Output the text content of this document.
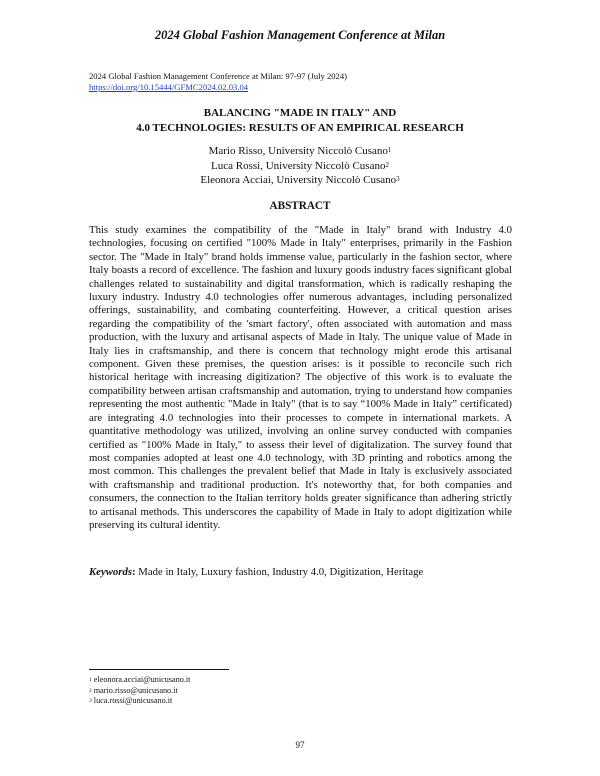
2024 Global Fashion Management Conference at Milan
2024 Global Fashion Management Conference at Milan: 97-97 (July 2024)
https://doi.org/10.15444/GFMC2024.02.03.04
BALANCING "MADE IN ITALY" AND
4.0 TECHNOLOGIES: RESULTS OF AN EMPIRICAL RESEARCH
Mario Risso, University Niccolò Cusano$^1$
Luca Rossi, University Niccolò Cusano$^2$
Eleonora Acciai, University Niccolò Cusano$^3$
ABSTRACT
This study examines the compatibility of the "Made in Italy" brand with Industry 4.0 technologies, focusing on certified "100% Made in Italy" enterprises, primarily in the Fashion sector. The "Made in Italy" brand holds immense value, particularly in the fashion sector, where Italy boasts a record of excellence. The fashion and luxury goods industry faces significant global challenges related to sustainability and digital transformation, which is radically reshaping the luxury industry. Industry 4.0 technologies offer numerous advantages, including personalized offerings, sustainability, and combating counterfeiting. However, a critical question arises regarding the compatibility of the 'smart factory', often associated with automation and mass production, with the luxury and artisanal aspects of Made in Italy. The unique value of Made in Italy lies in craftsmanship, and there is concern that technology might erode this artisanal component. Given these premises, the question arises: is it possible to reconcile such rich historical heritage with increasing digitization? The objective of this work is to evaluate the compatibility between artisan craftsmanship and automation, trying to understand how companies representing the most authentic "Made in Italy" (that is to say “100% Made in Italy” certificated) are integrating 4.0 technologies into their processes to compete in international markets. A quantitative methodology was utilized, involving an online survey conducted with companies certified as "100% Made in Italy," to assess their level of digitalization. The survey found that most companies adopted at least one 4.0 technology, with 3D printing and robotics among the most common. This challenges the prevalent belief that Made in Italy is exclusively associated with craftsmanship and traditional production. It's noteworthy that, for both companies and consumers, the connection to the Italian territory holds greater significance than adhering strictly to artisanal methods. This underscores the capability of Made in Italy to adopt digitization while preserving its cultural identity.
Keywords: Made in Italy, Luxury fashion, Industry 4.0, Digitization, Heritage
$^1$ eleonora.acciai@unicusano.it
$^2$ mario.risso@unicusano.it
$^3$ luca.rossi@unicusano.it
97
